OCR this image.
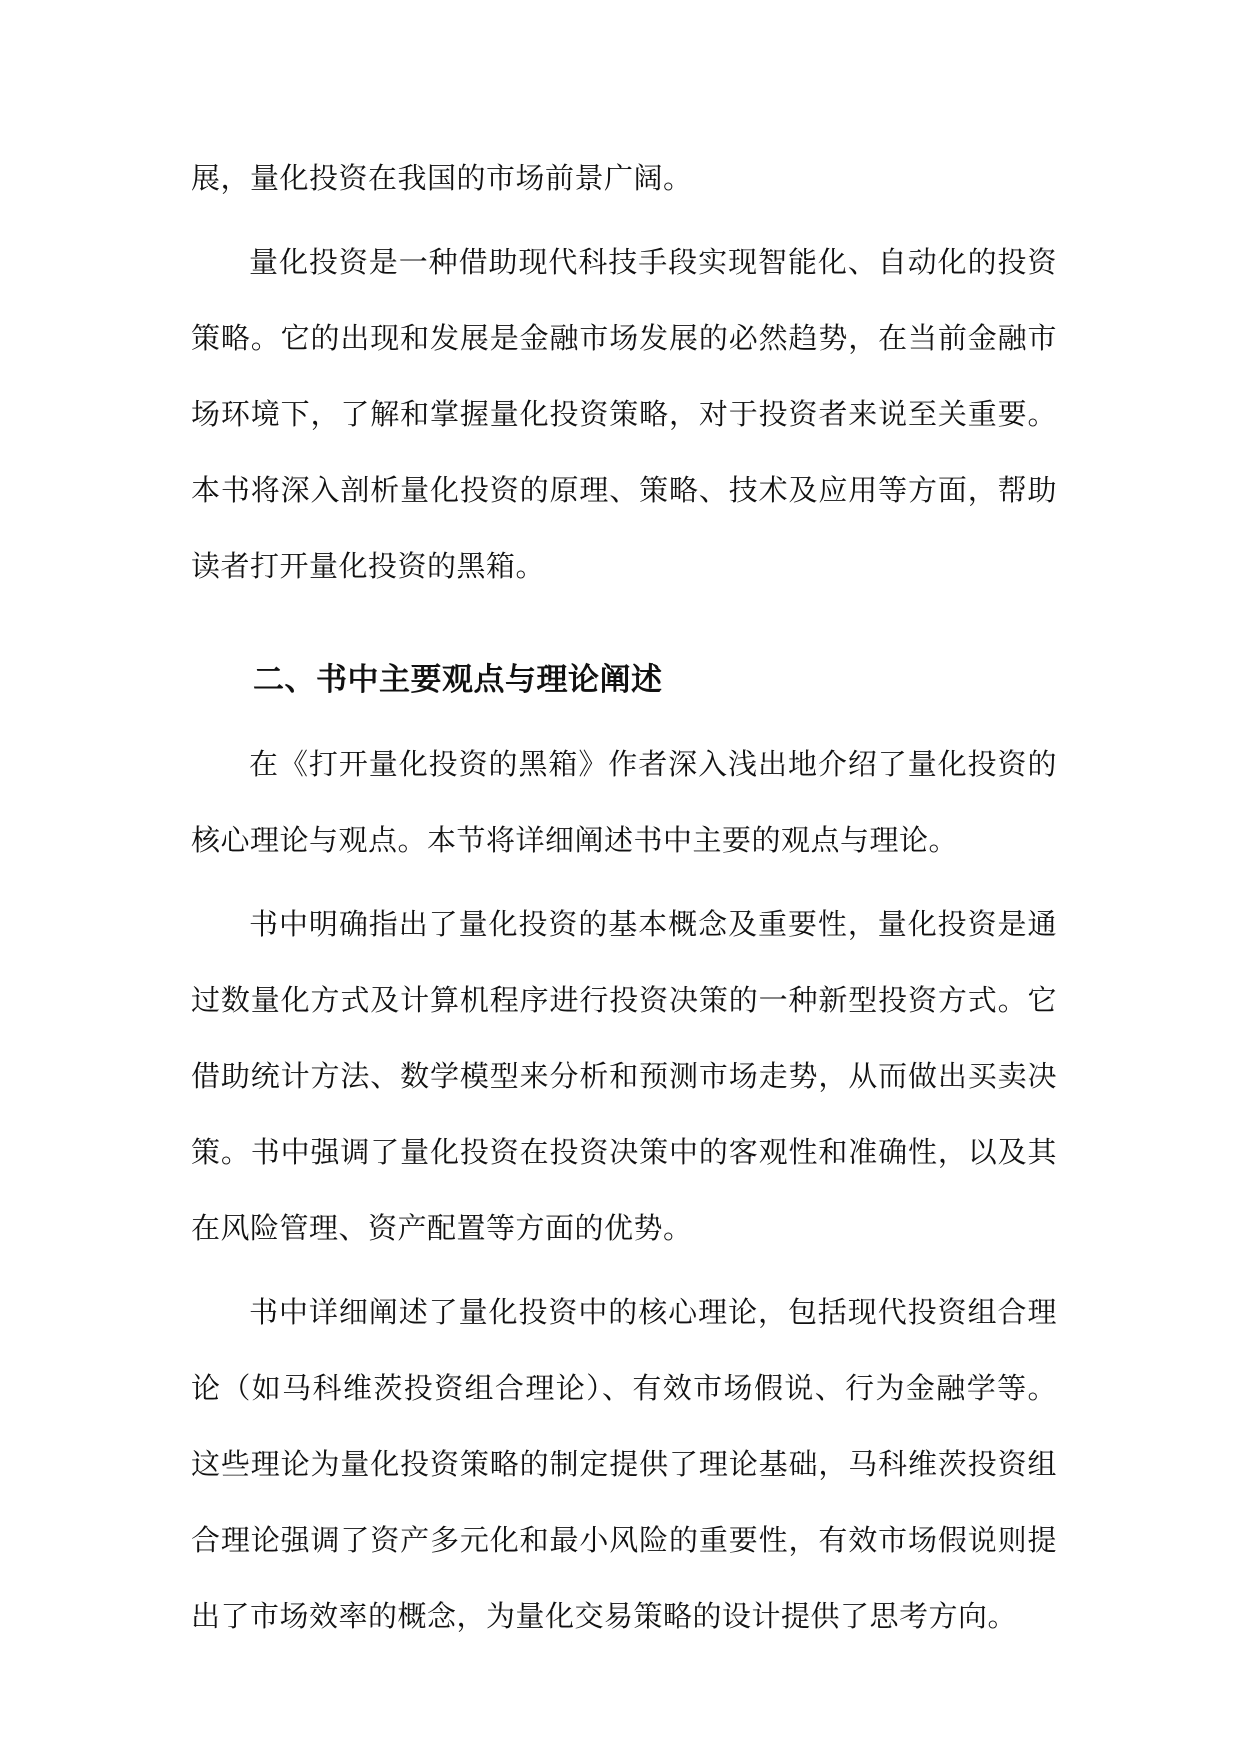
展，量化投资在我国的市场前景广阔。

量化投资是一种借助现代科技手段实现智能化、自动化的投资策略。它的出现和发展是金融市场发展的必然趋势，在当前金融市场环境下，了解和掌握量化投资策略，对于投资者来说至关重要。本书将深入剖析量化投资的原理、策略、技术及应用等方面，帮助读者打开量化投资的黑箱。

二、书中主要观点与理论阐述

在《打开量化投资的黑箱》作者深入浅出地介绍了量化投资的核心理论与观点。本节将详细阐述书中主要的观点与理论。

书中明确指出了量化投资的基本概念及重要性，量化投资是通过数量化方式及计算机程序进行投资决策的一种新型投资方式。它借助统计方法、数学模型来分析和预测市场走势，从而做出买卖决策。书中强调了量化投资在投资决策中的客观性和准确性，以及其在风险管理、资产配置等方面的优势。

书中详细阐述了量化投资中的核心理论，包括现代投资组合理论（如马科维茨投资组合理论）、有效市场假说、行为金融学等。这些理论为量化投资策略的制定提供了理论基础，马科维茨投资组合理论强调了资产多元化和最小风险的重要性，有效市场假说则提出了市场效率的概念，为量化交易策略的设计提供了思考方向。
